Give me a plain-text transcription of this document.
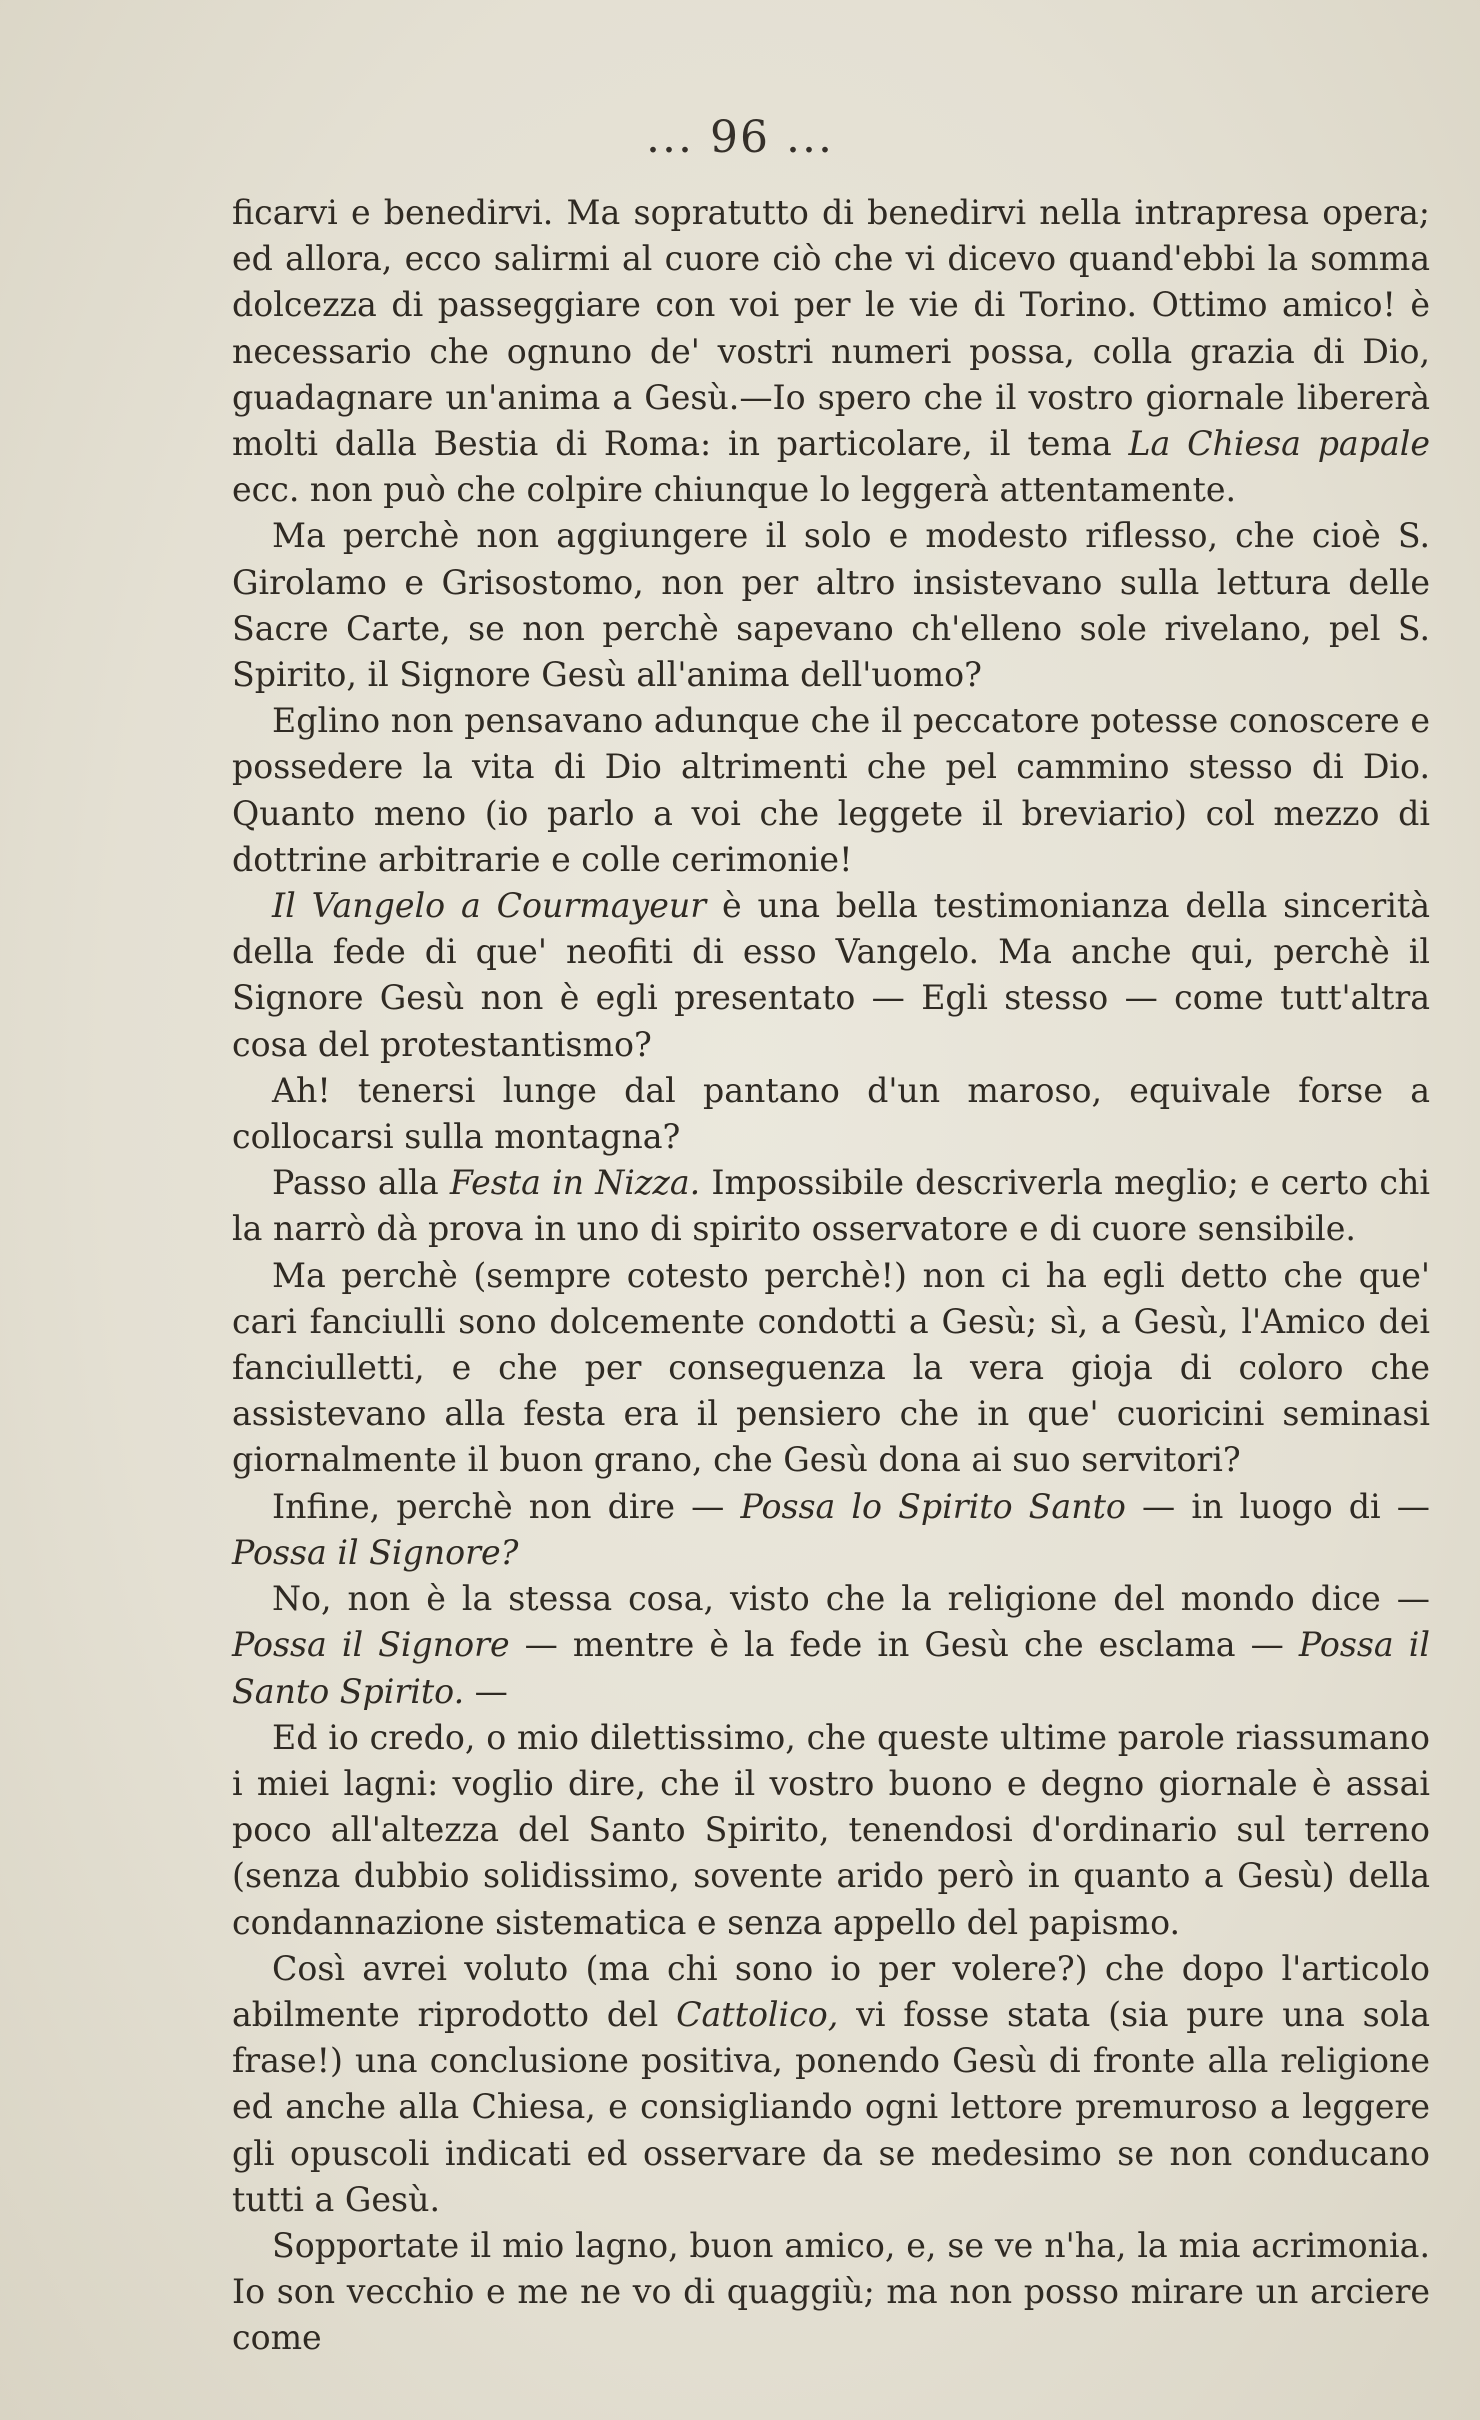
... 96 ...

ficarvi e benedirvi. Ma sopratutto di benedirvi nella intrapresa opera; ed allora, ecco salirmi al cuore ciò che vi dicevo quand'ebbi la somma dolcezza di passeggiare con voi per le vie di Torino. Ottimo amico! è necessario che ognuno de' vostri numeri possa, colla grazia di Dio, guadagnare un'anima a Gesù.—Io spero che il vostro giornale libererà molti dalla Bestia di Roma: in particolare, il tema La Chiesa papale ecc. non può che colpire chiunque lo leggerà attentamente.

Ma perchè non aggiungere il solo e modesto riflesso, che cioè S. Girolamo e Grisostomo, non per altro insistevano sulla lettura delle Sacre Carte, se non perchè sapevano ch'elleno sole rivelano, pel S. Spirito, il Signore Gesù all'anima dell'uomo?

Eglino non pensavano adunque che il peccatore potesse conoscere e possedere la vita di Dio altrimenti che pel cammino stesso di Dio. Quanto meno (io parlo a voi che leggete il breviario) col mezzo di dottrine arbitrarie e colle cerimonie!

Il Vangelo a Courmayeur è una bella testimonianza della sincerità della fede di que' neofiti di esso Vangelo. Ma anche qui, perchè il Signore Gesù non è egli presentato — Egli stesso — come tutt'altra cosa del protestantismo?

Ah! tenersi lunge dal pantano d'un maroso, equivale forse a collocarsi sulla montagna?

Passo alla Festa in Nizza. Impossibile descriverla meglio; e certo chi la narrò dà prova in uno di spirito osservatore e di cuore sensibile.

Ma perchè (sempre cotesto perchè!) non ci ha egli detto che que' cari fanciulli sono dolcemente condotti a Gesù; sì, a Gesù, l'Amico dei fanciulletti, e che per conseguenza la vera gioja di coloro che assistevano alla festa era il pensiero che in que' cuoricini seminasi giornalmente il buon grano, che Gesù dona ai suo servitori?

Infine, perchè non dire — Possa lo Spirito Santo — in luogo di — Possa il Signore?

No, non è la stessa cosa, visto che la religione del mondo dice — Possa il Signore — mentre è la fede in Gesù che esclama — Possa il Santo Spirito. —

Ed io credo, o mio dilettissimo, che queste ultime parole riassumano i miei lagni: voglio dire, che il vostro buono e degno giornale è assai poco all'altezza del Santo Spirito, tenendosi d'ordinario sul terreno (senza dubbio solidissimo, sovente arido però in quanto a Gesù) della condannazione sistematica e senza appello del papismo.

Così avrei voluto (ma chi sono io per volere?) che dopo l'articolo abilmente riprodotto del Cattolico, vi fosse stata (sia pure una sola frase!) una conclusione positiva, ponendo Gesù di fronte alla religione ed anche alla Chiesa, e consigliando ogni lettore premuroso a leggere gli opuscoli indicati ed osservare da se medesimo se non conducano tutti a Gesù.

Sopportate il mio lagno, buon amico, e, se ve n'ha, la mia acrimonia. Io son vecchio e me ne vo di quaggiù; ma non posso mirare un arciere come
